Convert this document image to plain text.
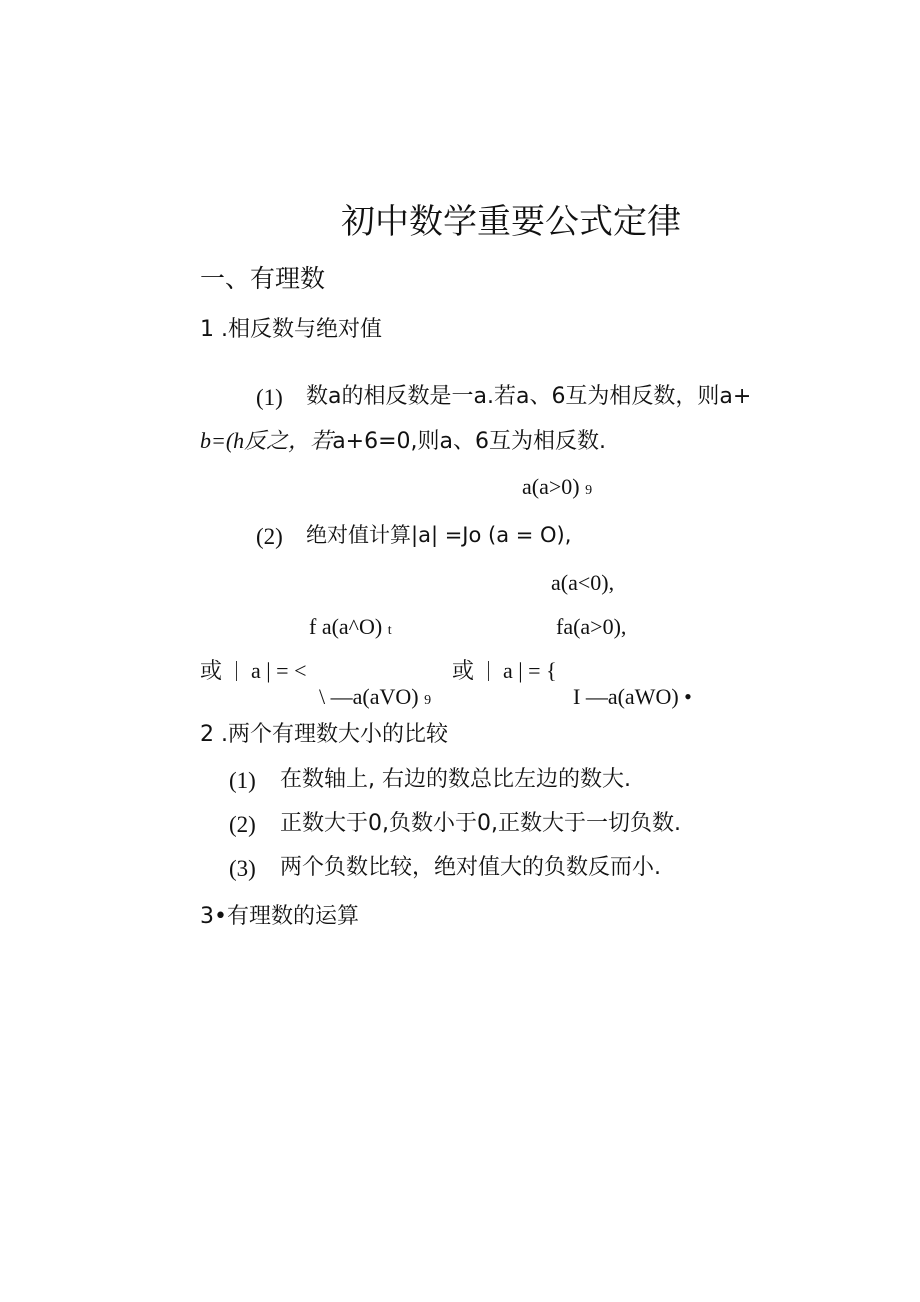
初中数学重要公式定律
一、有理数
1 .相反数与绝对值
(1) 数a的相反数是一a.若a、6互为相反数，则a+
b=(h反之，若a+6=0,则a、6互为相反数.
a(a>0) 9
(2) 绝对值计算|a| =Jo (a = O),
a(a<0),
f a(a^O) t	fa(a>0),
或 a | = <	或 a | = {
\ —a(aVO) 9	I —a(aWO) •
2 .两个有理数大小的比较
(1) 在数轴上, 右边的数总比左边的数大.
(2) 正数大于0,负数小于0,正数大于一切负数.
(3) 两个负数比较，绝对值大的负数反而小.
3•有理数的运算
